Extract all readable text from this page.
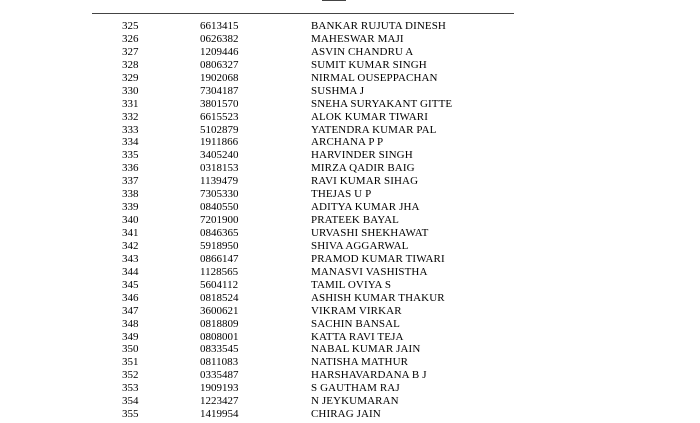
325	6613415	BANKAR RUJUTA DINESH
326	0626382	MAHESWAR MAJI
327	1209446	ASVIN CHANDRU A
328	0806327	SUMIT KUMAR SINGH
329	1902068	NIRMAL OUSEPPACHAN
330	7304187	SUSHMA J
331	3801570	SNEHA SURYAKANT GITTE
332	6615523	ALOK KUMAR TIWARI
333	5102879	YATENDRA KUMAR PAL
334	1911866	ARCHANA P P
335	3405240	HARVINDER SINGH
336	0318153	MIRZA QADIR BAIG
337	1139479	RAVI KUMAR SIHAG
338	7305330	THEJAS U P
339	0840550	ADITYA KUMAR JHA
340	7201900	PRATEEK BAYAL
341	0846365	URVASHI SHEKHAWAT
342	5918950	SHIVA AGGARWAL
343	0866147	PRAMOD KUMAR TIWARI
344	1128565	MANASVI VASHISTHA
345	5604112	TAMIL OVIYA S
346	0818524	ASHISH KUMAR THAKUR
347	3600621	VIKRAM VIRKAR
348	0818809	SACHIN BANSAL
349	0808001	KATTA RAVI TEJA
350	0833545	NABAL KUMAR JAIN
351	0811083	NATISHA MATHUR
352	0335487	HARSHAVARDANA B J
353	1909193	S GAUTHAM RAJ
354	1223427	N JEYKUMARAN
355	1419954	CHIRAG JAIN
